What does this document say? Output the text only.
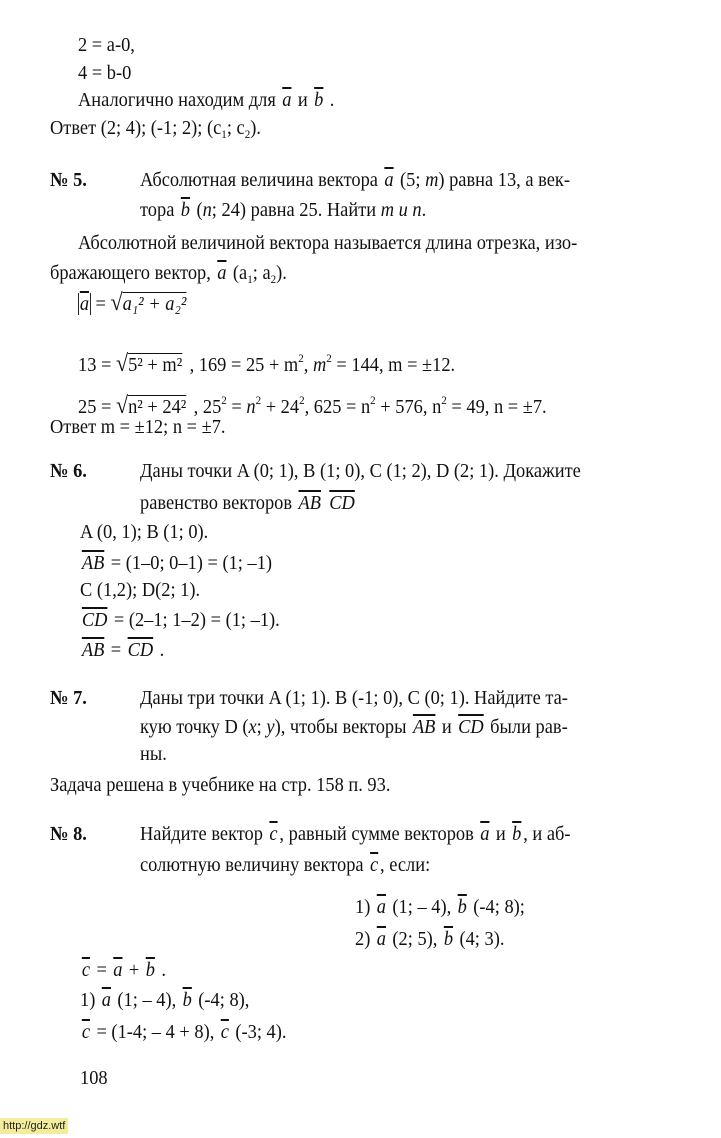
2 = a-0,
4 = b-0
Аналогично находим для $\overline{a}$ и $\overline{b}$ .
Ответ (2; 4); (-1; 2); ($c_1$; $c_2$).
№ 5.	Абсолютная величина вектора $\overline{a}$ (5; m) равна 13, а век-
тора $\overline{b}$ (n; 24) равна 25. Найти m и n.
Абсолютной величиной вектора называется длина отрезка, изо-
бражающего вектор, $\overline{a}$ ($a_1$; $a_2$).
$\overline{a} = √a_1^2 + a_2^2$
13 = √5² + m² , $169 = 25 + m^2$, $m^2 = 144$, m = ±12.
25 = √n² + 24² , $25^2 = n^2 + 24^2$, $625 = n^2 + 576$, $n^2 = 49$, n = ±7.
Ответ m = ±12; n = ±7.
№ 6.	Даны точки A (0; 1), B (1; 0), C (1; 2), D (2; 1). Докажите
равенство векторов $\overline{AB}$ $\overline{CD}$
A (0, 1); B (1; 0).
$\overline{AB} = (1-0$; 0–1) = (1; –1)
C (1,2); D(2; 1).
$\overline{CD} = (2-1$; 1–2) = (1; –1).
$\overline{AB} = \overline{CD}$ .
№ 7.	Даны три точки A (1; 1). B (-1; 0), C (0; 1). Найдите та-
кую точку D (x; y), чтобы векторы $\overline{AB}$ и $\overline{CD}$ были рав-
ны.
Задача решена в учебнике на стр. 158 п. 93.
№ 8.	Найдите вектор $\overline{c}$, равный сумме векторов $\overline{a}$ и $\overline{b}$, и аб-
солютную величину вектора $\overline{c}$, если:
1) $\overline{a}$ (1; – 4), $\overline{b}$ (-4; 8);
2) $\overline{a}$ (2; 5), $\overline{b}$ (4; 3).
$\overline{c} = \overline{a} + \overline{b}$ .
1) $\overline{a}$ (1; – 4), $\overline{b}$ (-4; 8),
$\overline{c} = (1-4$; – 4 + 8), $\overline{c}$ (-3; 4).
108
http://gdz.wtf
